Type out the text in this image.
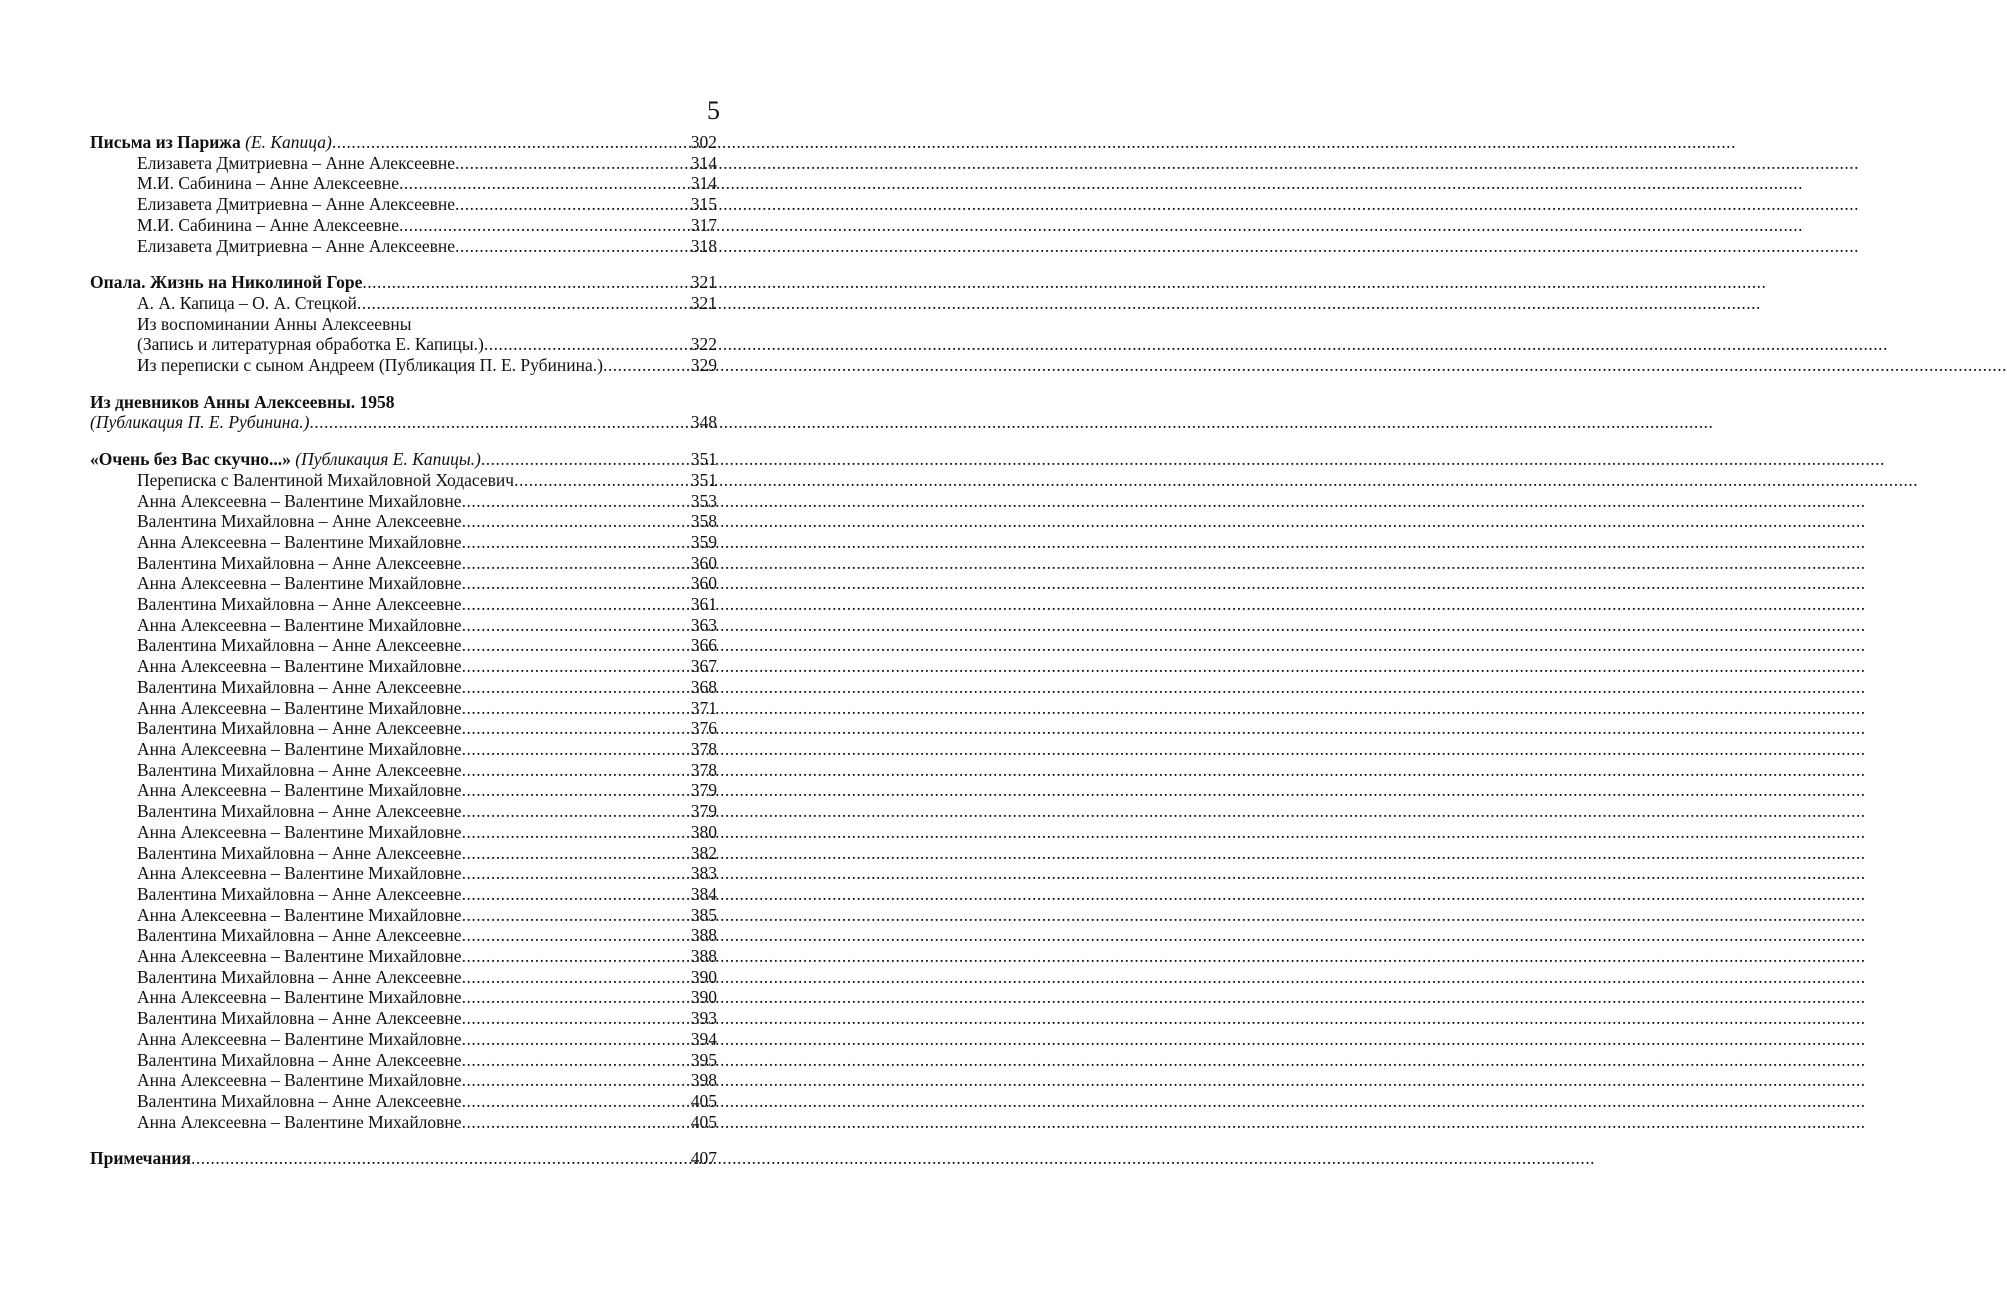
5
Письма из Парижа (Е. Капица) .....	302
Елизавета Дмитриевна – Анне Алексеевне .....	314
М.И. Сабинина – Анне Алексеевне .....	314
Елизавета Дмитриевна – Анне Алексеевне .....	315
М.И. Сабинина – Анне Алексеевне .....	317
Елизавета Дмитриевна – Анне Алексеевне .....	318
Опала. Жизнь на Николиной Горе .....	321
А. А. Капица – О. А. Стецкой .....	321
Из воспоминании Анны Алексеевны
(Запись и литературная обработка Е. Капицы.) .....	322
Из переписки с сыном Андреем (Публикация П. Е. Рубинина.) .....	329
Из дневников Анны Алексеевны. 1958
(Публикация П. Е. Рубинина.) .....	348
«Очень без Вас скучно...» (Публикация Е. Капицы.) .....	351
Переписка с Валентиной Михайловной Ходасевич .....	351
Анна Алексеевна – Валентине Михайловне .....	353
Валентина Михайловна – Анне Алексеевне .....	358
Анна Алексеевна – Валентине Михайловне .....	359
Валентина Михайловна – Анне Алексеевне .....	360
Анна Алексеевна – Валентине Михайловне .....	360
Валентина Михайловна – Анне Алексеевне .....	361
Анна Алексеевна – Валентине Михайловне .....	363
Валентина Михайловна – Анне Алексеевне .....	366
Анна Алексеевна – Валентине Михайловне .....	367
Валентина Михайловна – Анне Алексеевне .....	368
Анна Алексеевна – Валентине Михайловне .....	371
Валентина Михайловна – Анне Алексеевне .....	376
Анна Алексеевна – Валентине Михайловне .....	378
Валентина Михайловна – Анне Алексеевне .....	378
Анна Алексеевна – Валентине Михайловне .....	379
Валентина Михайловна – Анне Алексеевне .....	379
Анна Алексеевна – Валентине Михайловне .....	380
Валентина Михайловна – Анне Алексеевне .....	382
Анна Алексеевна – Валентине Михайловне .....	383
Валентина Михайловна – Анне Алексеевне .....	384
Анна Алексеевна – Валентине Михайловне .....	385
Валентина Михайловна – Анне Алексеевне .....	388
Анна Алексеевна – Валентине Михайловне .....	388
Валентина Михайловна – Анне Алексеевне .....	390
Анна Алексеевна – Валентине Михайловне .....	390
Валентина Михайловна – Анне Алексеевне .....	393
Анна Алексеевна – Валентине Михайловне .....	394
Валентина Михайловна – Анне Алексеевне .....	395
Анна Алексеевна – Валентине Михайловне .....	398
Валентина Михайловна – Анне Алексеевне .....	405
Анна Алексеевна – Валентине Михайловне .....	405
Примечания .....	407
